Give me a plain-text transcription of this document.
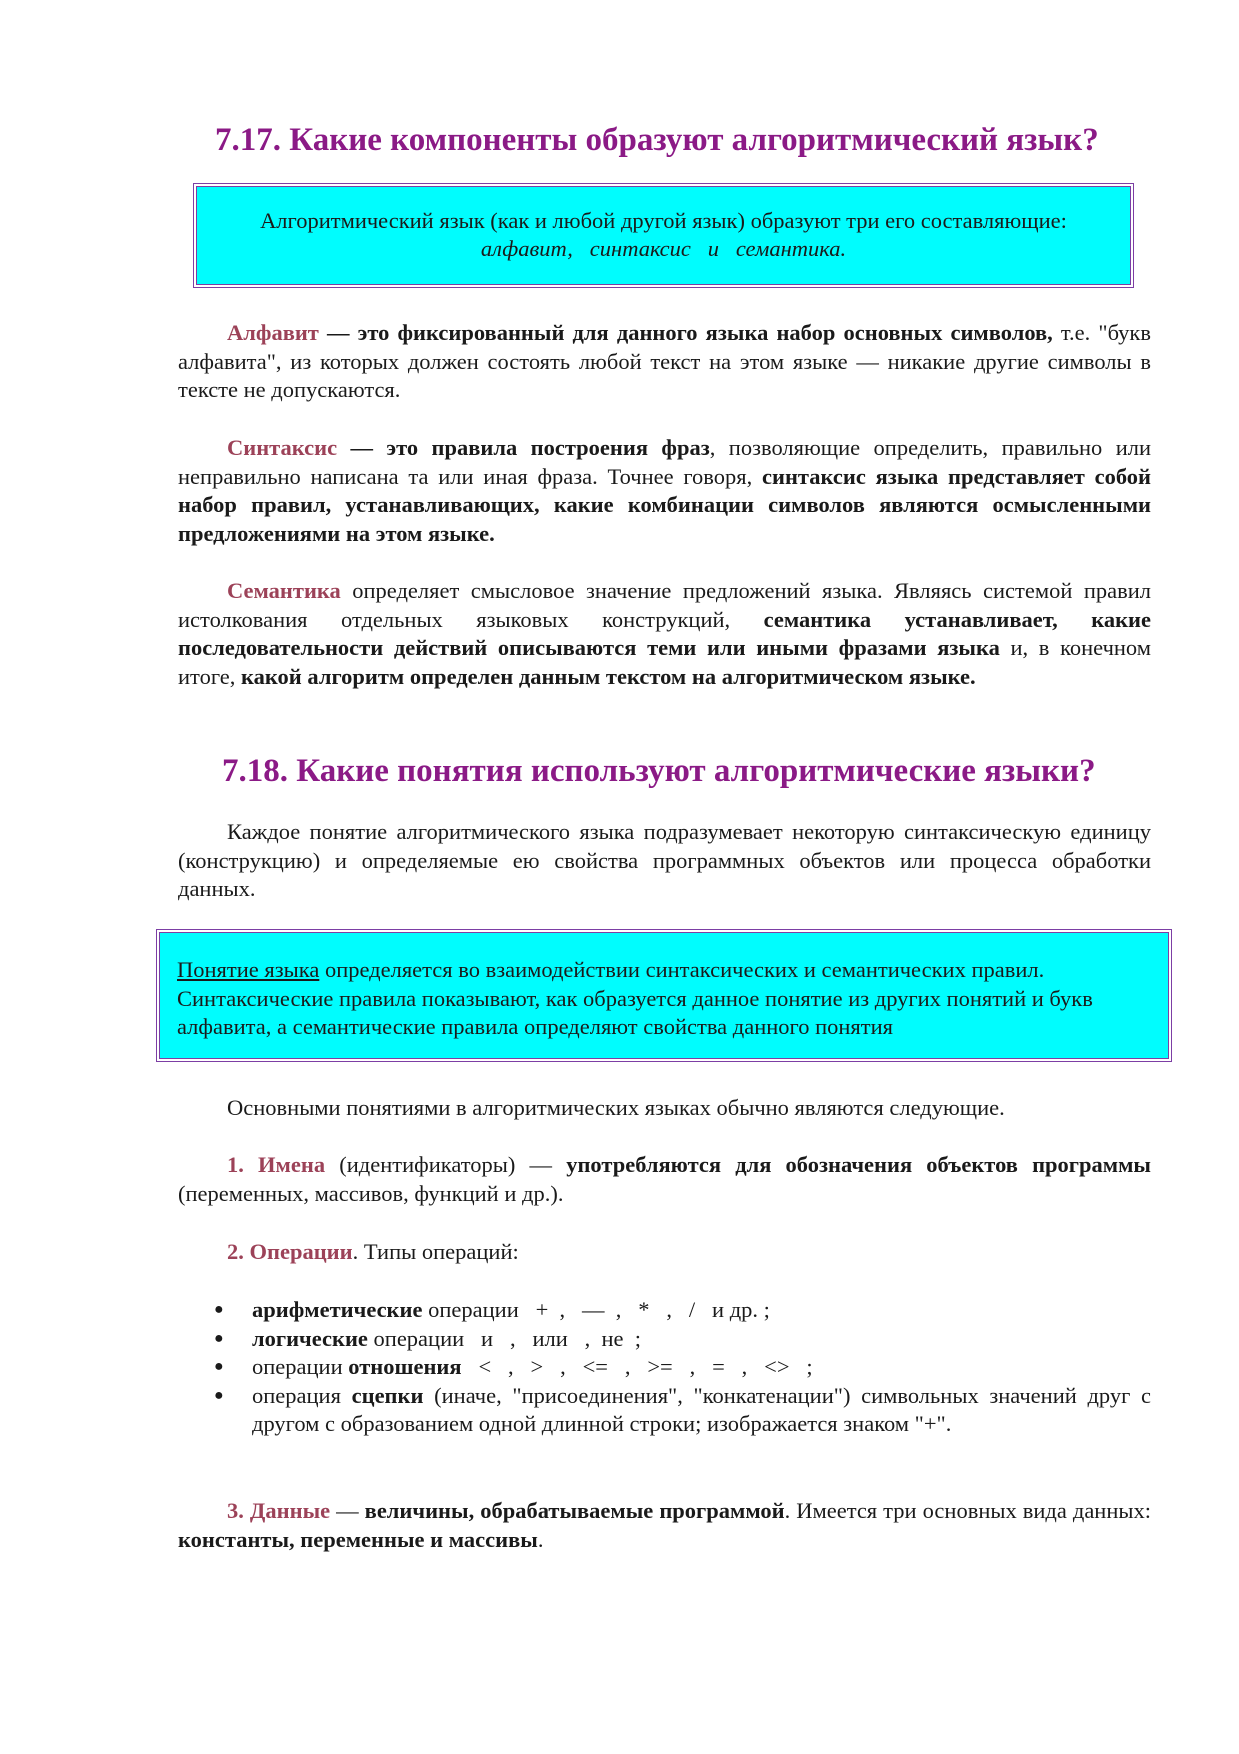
7.17. Какие компоненты образуют алгоритмический язык?
Алгоритмический язык (как и любой другой язык) образуют три его составляющие:
алфавит,   синтаксис   и   семантика.

Алфавит — это фиксированный для данного языка набор основных символов, т.е. "букв алфавита", из которых должен состоять любой текст на этом языке — никакие другие символы в тексте не допускаются.

Синтаксис — это правила построения фраз, позволяющие определить, правильно или неправильно написана та или иная фраза. Точнее говоря, синтаксис языка представляет собой набор правил, устанавливающих, какие комбинации символов являются осмысленными предложениями на этом языке.

Семантика определяет смысловое значение предложений языка. Являясь системой правил истолкования отдельных языковых конструкций, семантика устанавливает, какие последовательности действий описываются теми или иными фразами языка и, в конечном итоге, какой алгоритм определен данным текстом на алгоритмическом языке.

7.18. Какие понятия используют алгоритмические языки?

Каждое понятие алгоритмического языка подразумевает некоторую синтаксическую единицу (конструкцию) и определяемые ею свойства программных объектов или процесса обработки данных.

Понятие языка определяется во взаимодействии синтаксических и семантических правил. Синтаксические правила показывают, как образуется данное понятие из других понятий и букв алфавита, а семантические правила определяют свойства данного понятия

Основными понятиями в алгоритмических языках обычно являются следующие.

1. Имена (идентификаторы) — употребляются для обозначения объектов программы (переменных, массивов, функций и др.).

2. Операции. Типы операций:

● арифметические операции   +  ,   —  ,   *   ,   /   и др. ;
● логические операции   и   ,   или   ,  не  ;
● операции отношения   <   ,   >   ,   <=   ,   >=   ,   =   ,   <>   ;
● операция сцепки (иначе, "присоединения", "конкатенации") символьных значений друг с другом с образованием одной длинной строки; изображается знаком "+".

3. Данные — величины, обрабатываемые программой. Имеется три основных вида данных: константы, переменные и массивы.
